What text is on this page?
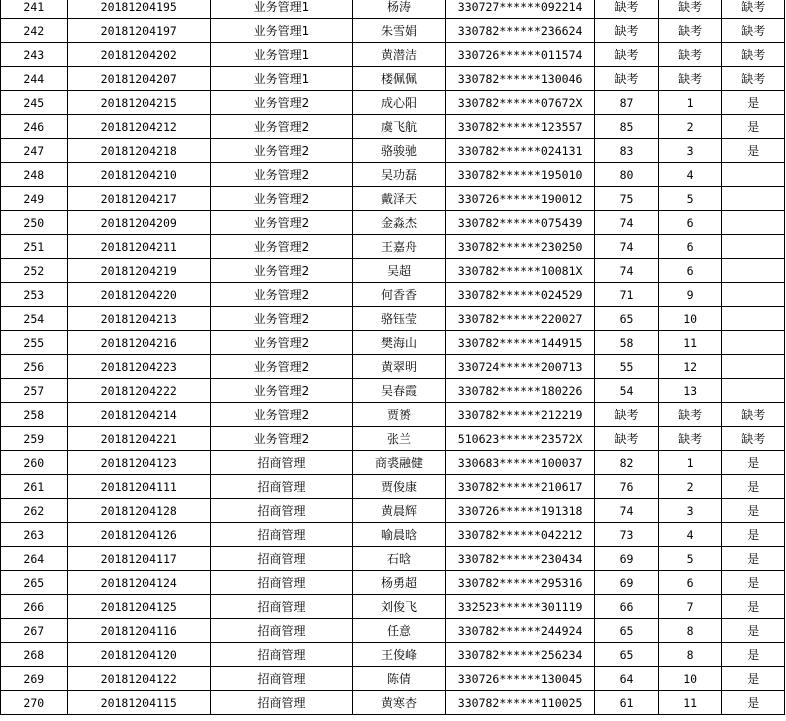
241	20181204195	业务管理1	杨涛	330727******092214	缺考	缺考	缺考
242	20181204197	业务管理1	朱雪娟	330782******236624	缺考	缺考	缺考
243	20181204202	业务管理1	黄潜洁	330726******011574	缺考	缺考	缺考
244	20181204207	业务管理1	楼佩佩	330782******130046	缺考	缺考	缺考
245	20181204215	业务管理2	成心阳	330782******07672X	87	1	是
246	20181204212	业务管理2	虞飞航	330782******123557	85	2	是
247	20181204218	业务管理2	骆骏驰	330782******024131	83	3	是
248	20181204210	业务管理2	吴功磊	330782******195010	80	4	
249	20181204217	业务管理2	戴泽天	330726******190012	75	5	
250	20181204209	业务管理2	金淼杰	330782******075439	74	6	
251	20181204211	业务管理2	王嘉舟	330782******230250	74	6	
252	20181204219	业务管理2	吴超	330782******10081X	74	6	
253	20181204220	业务管理2	何香香	330782******024529	71	9	
254	20181204213	业务管理2	骆钰莹	330782******220027	65	10	
255	20181204216	业务管理2	樊海山	330782******144915	58	11	
256	20181204223	业务管理2	黄翠明	330724******200713	55	12	
257	20181204222	业务管理2	吴春霞	330782******180226	54	13	
258	20181204214	业务管理2	贾赟	330782******212219	缺考	缺考	缺考
259	20181204221	业务管理2	张兰	510623******23572X	缺考	缺考	缺考
260	20181204123	招商管理	商裘融健	330683******100037	82	1	是
261	20181204111	招商管理	贾俊康	330782******210617	76	2	是
262	20181204128	招商管理	黄晨辉	330726******191318	74	3	是
263	20181204126	招商管理	喻晨晗	330782******042212	73	4	是
264	20181204117	招商管理	石晗	330782******230434	69	5	是
265	20181204124	招商管理	杨勇超	330782******295316	69	6	是
266	20181204125	招商管理	刘俊飞	332523******301119	66	7	是
267	20181204116	招商管理	任意	330782******244924	65	8	是
268	20181204120	招商管理	王俊峰	330782******256234	65	8	是
269	20181204122	招商管理	陈倩	330726******130045	64	10	是
270	20181204115	招商管理	黄寒杏	330782******110025	61	11	是
